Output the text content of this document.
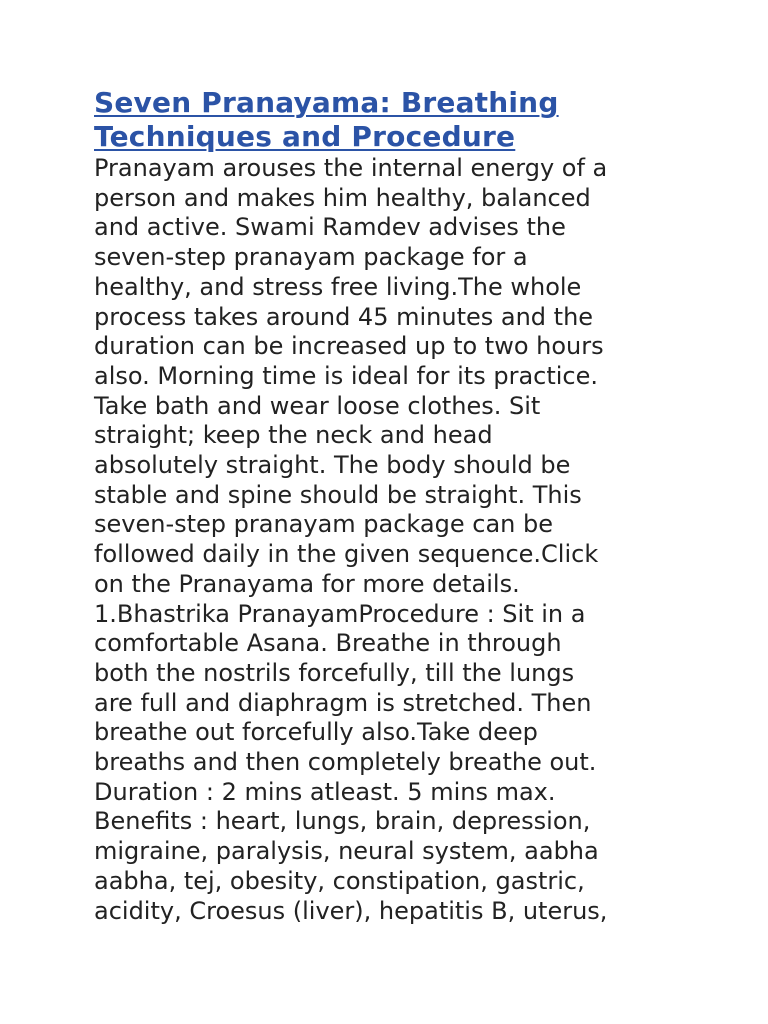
Seven Pranayama: Breathing
Techniques and Procedure

Pranayam arouses the internal energy of a
person and makes him healthy, balanced
and active. Swami Ramdev advises the
seven-step pranayam package for a
healthy, and stress free living.The whole
process takes around 45 minutes and the
duration can be increased up to two hours
also. Morning time is ideal for its practice.
Take bath and wear loose clothes. Sit
straight; keep the neck and head
absolutely straight. The body should be
stable and spine should be straight. This
seven-step pranayam package can be
followed daily in the given sequence.Click
on the Pranayama for more details.
1.Bhastrika PranayamProcedure : Sit in a
comfortable Asana. Breathe in through
both the nostrils forcefully, till the lungs
are full and diaphragm is stretched. Then
breathe out forcefully also.Take deep
breaths and then completely breathe out.
Duration : 2 mins atleast. 5 mins max.
Benefits : heart, lungs, brain, depression,
migraine, paralysis, neural system, aabha
aabha, tej, obesity, constipation, gastric,
acidity, Croesus (liver), hepatitis B, uterus,
